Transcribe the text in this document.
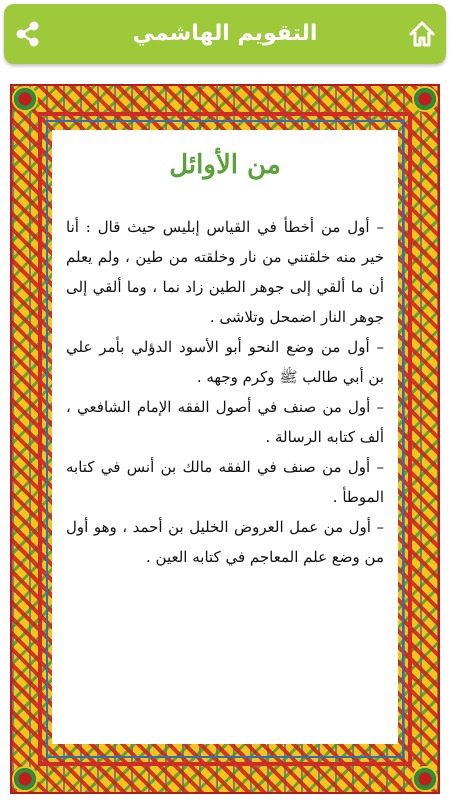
التقويم الهاشمي
من الأوائل

– أول من أخطأ في القياس إبليس حيث قال : أنا خير منه خلقتني من نار وخلقته من طين ، ولم يعلم أن ما ألقي إلى جوهر الطين زاد نما ، وما ألقي إلى جوهر النار اضمحل وتلاشى .

– أول من وضع النحو أبو الأسود الدؤلي بأمر علي بن أبي طالب ﷺ وكرم وجهه .

– أول من صنف في أصول الفقه الإمام الشافعي ، ألف كتابه الرسالة .

– أول من صنف في الفقه مالك بن أنس في كتابه الموطأ .

– أول من عمل العروض الخليل بن أحمد ، وهو أول من وضع علم المعاجم في كتابه العين .
